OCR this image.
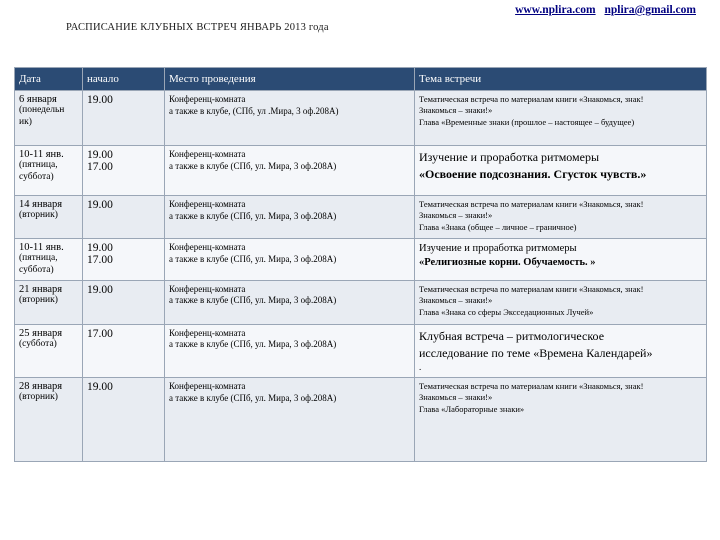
www.nplira.com nplira@gmail.com
РАСПИСАНИЕ КЛУБНЫХ ВСТРЕЧ ЯНВАРЬ 2013 года
Дата	начало	Место проведения	Тема встречи

6 января
(понедельн ик)	19.00	Конференц-комната
а также в клубе, (СПб, ул .Мира, 3 оф.208А)	Тематическая встреча по материалам книги «Знакомься, знак!
Знакомься – знаки!»
Глава «Временные знаки (прошлое – настоящее – будущее)

10-11 янв.
(пятница, суббота)	19.00
17.00	Конференц-комната
а также в клубе (СПб, ул. Мира, 3 оф.208А)	Изучение и проработка ритмомеры
«Освоение подсознания. Сгусток чувств.»

14 января
(вторник)	19.00	Конференц-комната
а также в клубе (СПб, ул. Мира, 3 оф.208А)	Тематическая встреча по материалам книги «Знакомься, знак!
Знакомься – знаки!»
Глава «Знака (общее – личное – граничное)

10-11 янв.
(пятница, суббота)	19.00
17.00	Конференц-комната
а также в клубе (СПб, ул. Мира, 3 оф.208А)	Изучение и проработка ритмомеры
«Религиозные корни. Обучаемость. »

21 января
(вторник)	19.00	Конференц-комната
а также в клубе (СПб, ул. Мира, 3 оф.208А)	Тематическая встреча по материалам книги «Знакомься, знак!
Знакомься – знаки!»
Глава «Знака со сферы Эксседационных Лучей»

25 января
(суббота)	17.00	Конференц-комната
а также в клубе (СПб, ул. Мира, 3 оф.208А)	Клубная встреча – ритмологическое
исследование по теме «Времена Календарей»
.

28 января
(вторник)	19.00	Конференц-комната
а также в клубе (СПб, ул. Мира, 3 оф.208А)	Тематическая встреча по материалам книги «Знакомься, знак!
Знакомься – знаки!»
Глава «Лабораторные знаки»
